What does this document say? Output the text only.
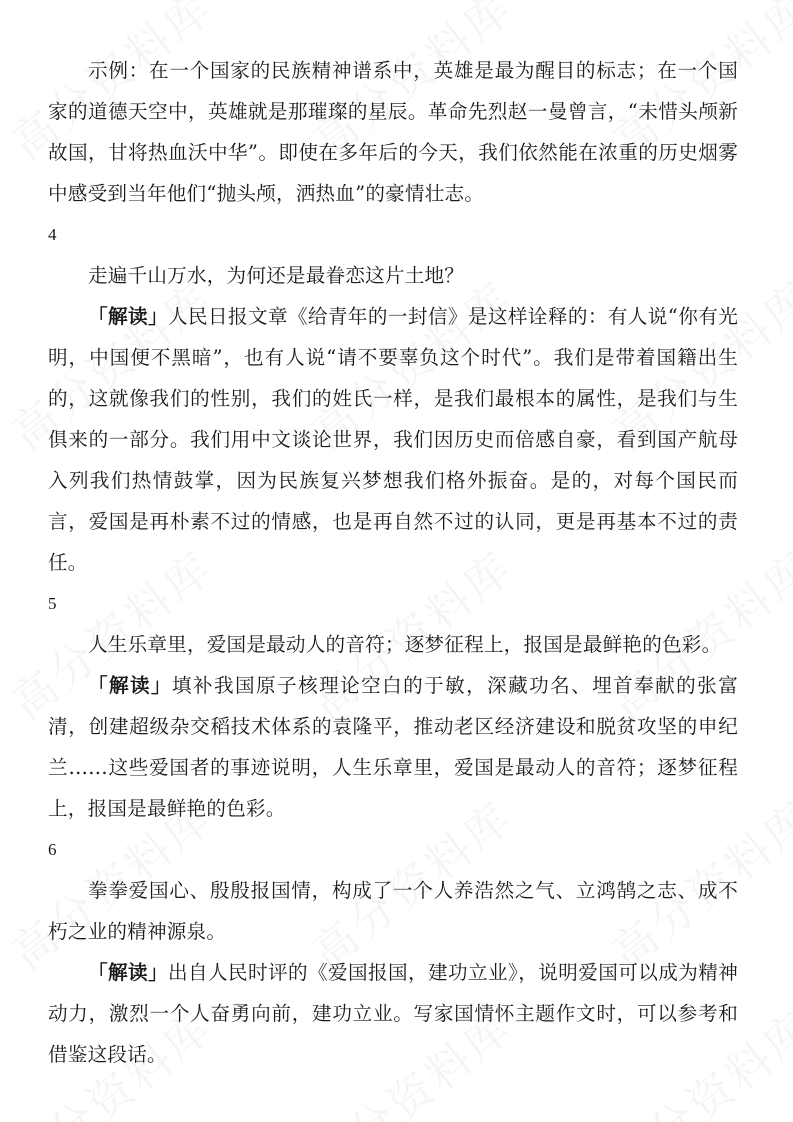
示例：在一个国家的民族精神谱系中，英雄是最为醒目的标志；在一个国家的道德天空中，英雄就是那璀璨的星辰。革命先烈赵一曼曾言，“未惜头颅新故国，甘将热血沃中华”。即使在多年后的今天，我们依然能在浓重的历史烟雾中感受到当年他们“抛头颅，洒热血”的豪情壮志。

4

走遍千山万水，为何还是最眷恋这片土地？

「解读」人民日报文章《给青年的一封信》是这样诠释的：有人说“你有光明，中国便不黑暗”，也有人说“请不要辜负这个时代”。我们是带着国籍出生的，这就像我们的性别，我们的姓氏一样，是我们最根本的属性，是我们与生俱来的一部分。我们用中文谈论世界，我们因历史而倍感自豪，看到国产航母入列我们热情鼓掌，因为民族复兴梦想我们格外振奋。是的，对每个国民而言，爱国是再朴素不过的情感，也是再自然不过的认同，更是再基本不过的责任。

5

人生乐章里，爱国是最动人的音符；逐梦征程上，报国是最鲜艳的色彩。

「解读」填补我国原子核理论空白的于敏，深藏功名、埋首奉献的张富清，创建超级杂交稻技术体系的袁隆平，推动老区经济建设和脱贫攻坚的申纪兰……这些爱国者的事迹说明，人生乐章里，爱国是最动人的音符；逐梦征程上，报国是最鲜艳的色彩。

6

拳拳爱国心、殷殷报国情，构成了一个人养浩然之气、立鸿鹄之志、成不朽之业的精神源泉。

「解读」出自人民时评的《爱国报国，建功立业》，说明爱国可以成为精神动力，激烈一个人奋勇向前，建功立业。写家国情怀主题作文时，可以参考和借鉴这段话。
